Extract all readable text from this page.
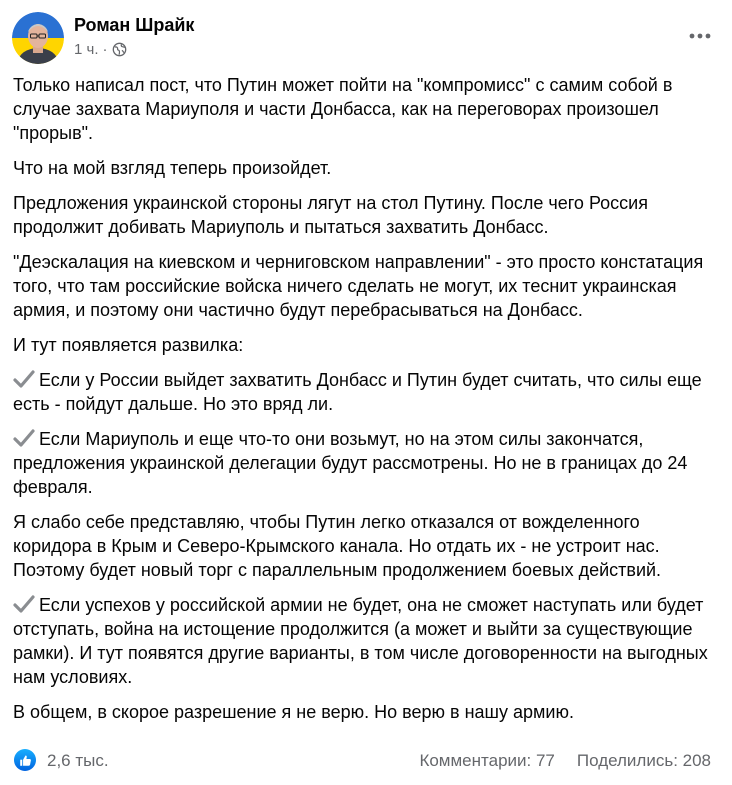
Роман Шрайк
1 ч. ·

Только написал пост, что Путин может пойти на "компромисс" с самим собой в случае захвата Мариуполя и части Донбасса, как на переговорах произошел "прорыв".

Что на мой взгляд теперь произойдет.

Предложения украинской стороны лягут на стол Путину. После чего Россия продолжит добивать Мариуполь и пытаться захватить Донбасс.

"Деэскалация на киевском и черниговском направлении" - это просто констатация того, что там российские войска ничего сделать не могут, их теснит украинская армия, и поэтому они частично будут перебрасываться на Донбасс.

И тут появляется развилка:

Если у России выйдет захватить Донбасс и Путин будет считать, что силы еще есть - пойдут дальше. Но это вряд ли.

Если Мариуполь и еще что-то они возьмут, но на этом силы закончатся, предложения украинской делегации будут рассмотрены. Но не в границах до 24 февраля.

Я слабо себе представляю, чтобы Путин легко отказался от вожделенного коридора в Крым и Северо-Крымского канала. Но отдать их - не устроит нас. Поэтому будет новый торг с параллельным продолжением боевых действий.

Если успехов у российской армии не будет, она не сможет наступать или будет отступать, война на истощение продолжится (а может и выйти за существующие рамки). И тут появятся другие варианты, в том числе договоренности на выгодных нам условиях.

В общем, в скорое разрешение я не верю. Но верю в нашу армию.

2,6 тыс.	Комментарии: 77 Поделились: 208
